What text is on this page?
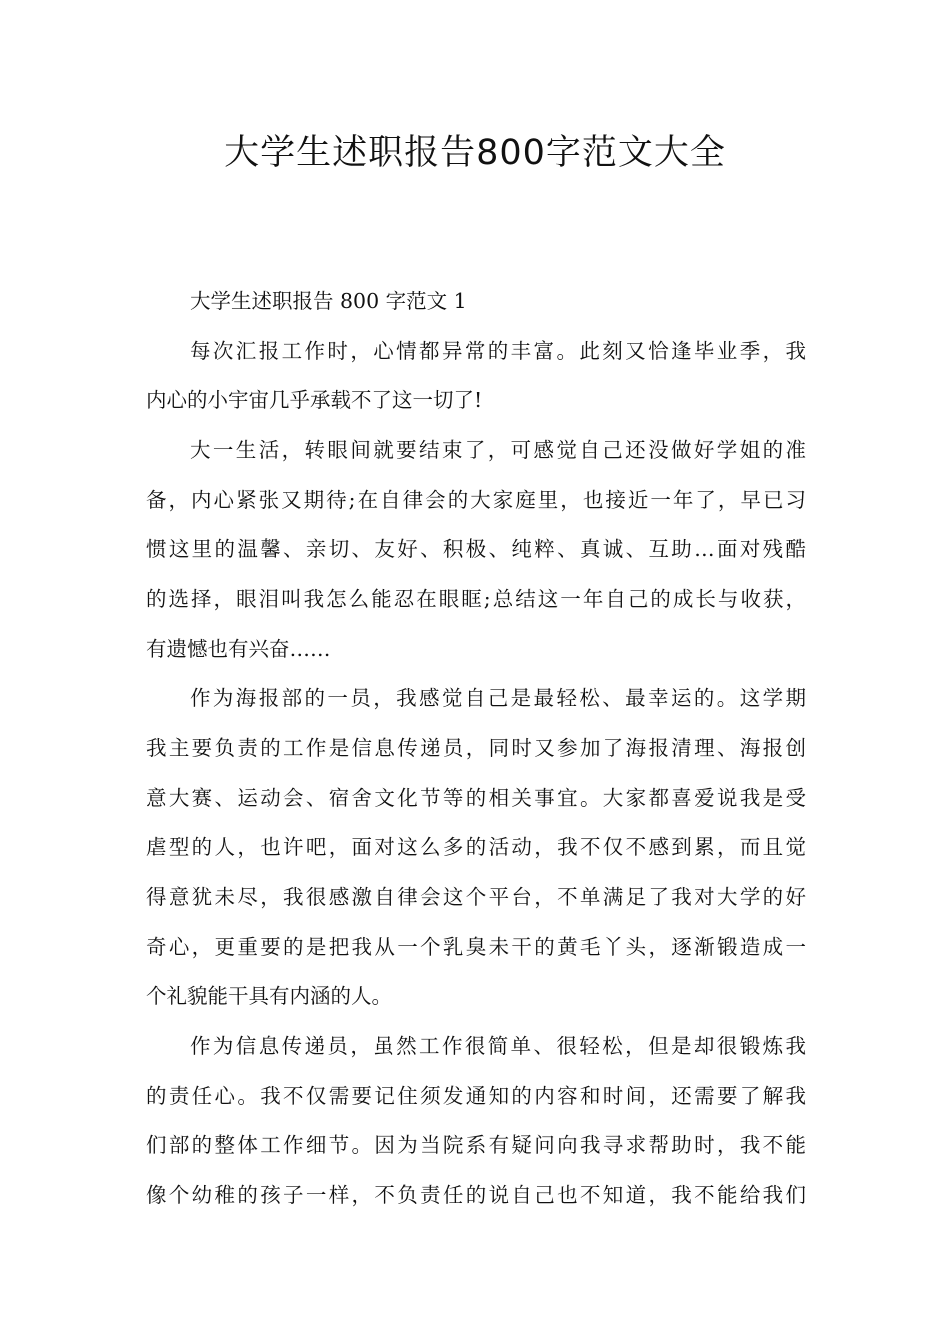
大学生述职报告800字范文大全

大学生述职报告 800 字范文 1

每次汇报工作时，心情都异常的丰富。此刻又恰逢毕业季，我

内心的小宇宙几乎承载不了这一切了!

大一生活，转眼间就要结束了，可感觉自己还没做好学姐的准

备，内心紧张又期待;在自律会的大家庭里，也接近一年了，早已习

惯这里的温馨、亲切、友好、积极、纯粹、真诚、互助…面对残酷

的选择，眼泪叫我怎么能忍在眼眶;总结这一年自己的成长与收获，

有遗憾也有兴奋……

作为海报部的一员，我感觉自己是最轻松、最幸运的。这学期

我主要负责的工作是信息传递员，同时又参加了海报清理、海报创

意大赛、运动会、宿舍文化节等的相关事宜。大家都喜爱说我是受

虐型的人，也许吧，面对这么多的活动，我不仅不感到累，而且觉

得意犹未尽，我很感激自律会这个平台，不单满足了我对大学的好

奇心，更重要的是把我从一个乳臭未干的黄毛丫头，逐渐锻造成一

个礼貌能干具有内涵的人。

作为信息传递员，虽然工作很简单、很轻松，但是却很锻炼我

的责任心。我不仅需要记住须发通知的内容和时间，还需要了解我

们部的整体工作细节。因为当院系有疑问向我寻求帮助时，我不能

像个幼稚的孩子一样，不负责任的说自己也不知道，我不能给我们
